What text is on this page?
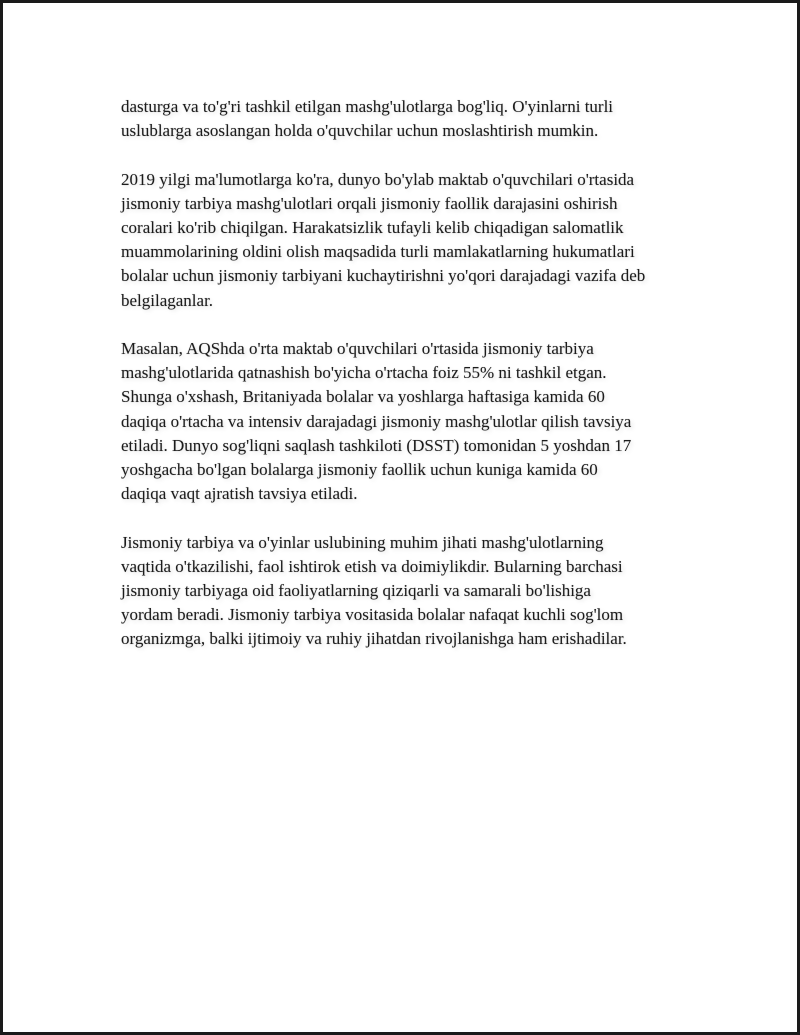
dasturga va to'g'ri tashkil etilgan mashg'ulotlarga bog'liq. O'yinlarni turli
uslublarga asoslangan holda o'quvchilar uchun moslashtirish mumkin.

2019 yilgi ma'lumotlarga ko'ra, dunyo bo'ylab maktab o'quvchilari o'rtasida
jismoniy tarbiya mashg'ulotlari orqali jismoniy faollik darajasini oshirish
coralari ko'rib chiqilgan. Harakatsizlik tufayli kelib chiqadigan salomatlik
muammolarining oldini olish maqsadida turli mamlakatlarning hukumatlari
bolalar uchun jismoniy tarbiyani kuchaytirishni yo'qori darajadagi vazifa deb
belgilaganlar.

Masalan, AQShda o'rta maktab o'quvchilari o'rtasida jismoniy tarbiya
mashg'ulotlarida qatnashish bo'yicha o'rtacha foiz 55% ni tashkil etgan.
Shunga o'xshash, Britaniyada bolalar va yoshlarga haftasiga kamida 60
daqiqa o'rtacha va intensiv darajadagi jismoniy mashg'ulotlar qilish tavsiya
etiladi. Dunyo sog'liqni saqlash tashkiloti (DSST) tomonidan 5 yoshdan 17
yoshgacha bo'lgan bolalarga jismoniy faollik uchun kuniga kamida 60
daqiqa vaqt ajratish tavsiya etiladi.

Jismoniy tarbiya va o'yinlar uslubining muhim jihati mashg'ulotlarning
vaqtida o'tkazilishi, faol ishtirok etish va doimiylikdir. Bularning barchasi
jismoniy tarbiyaga oid faoliyatlarning qiziqarli va samarali bo'lishiga
yordam beradi. Jismoniy tarbiya vositasida bolalar nafaqat kuchli sog'lom
organizmga, balki ijtimoiy va ruhiy jihatdan rivojlanishga ham erishadilar.
